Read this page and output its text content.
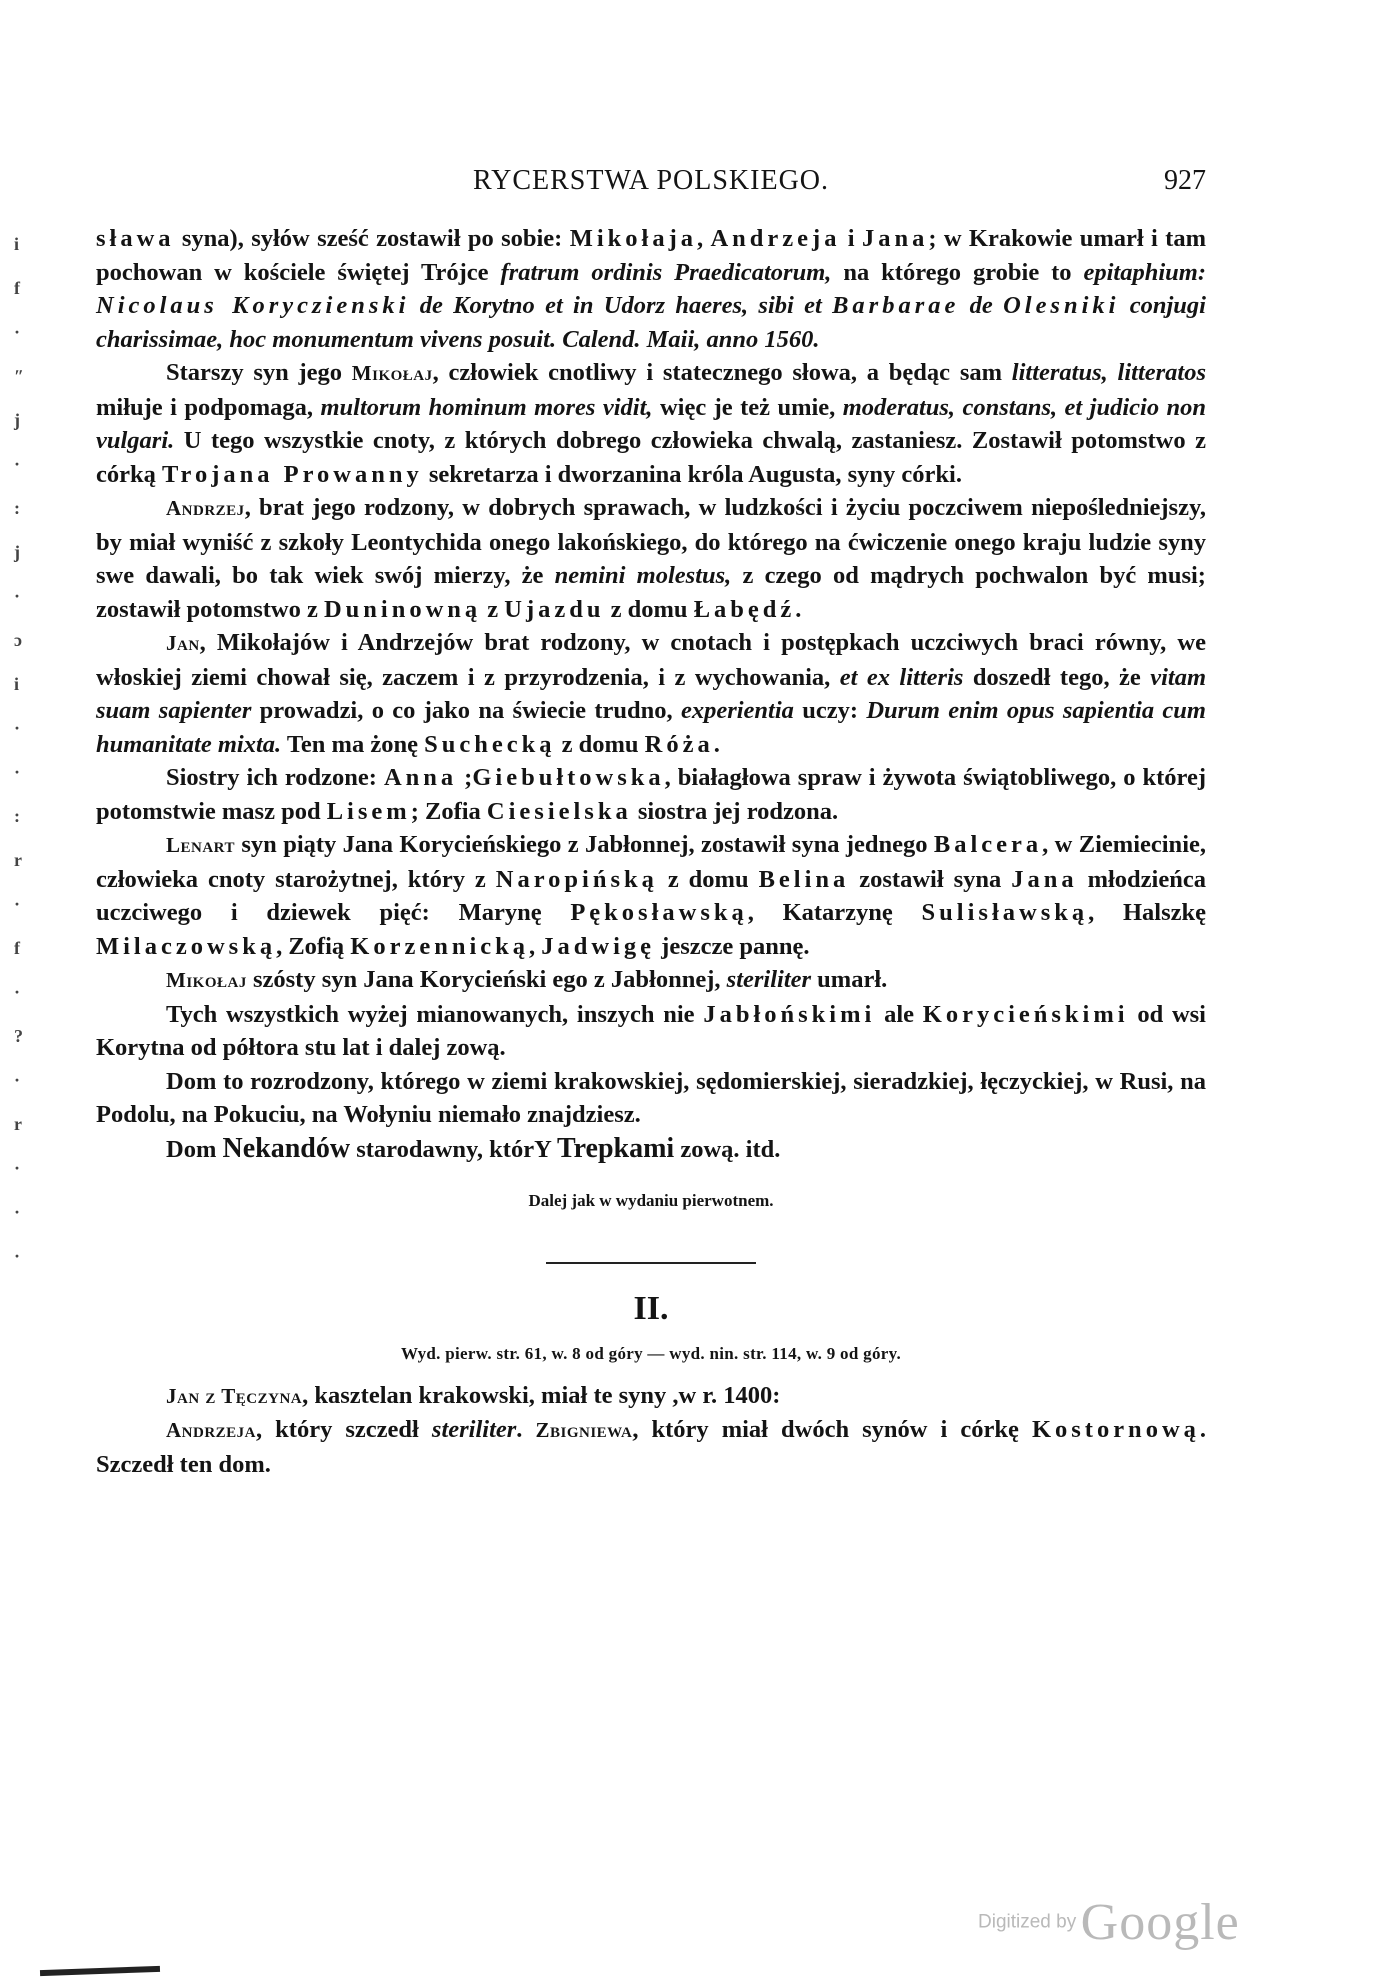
RYCERSTWA POLSKIEGO.	927
i
f
·
ʺ
j
·
:
j
·
ɔ
i
·
·
:
r
·
f
·
?
·
r
·
·
·

sława syna), syłów sześć zostawił po sobie: Mikołaja, Andrzeja i Jana; w Krakowie umarł i tam pochowan w kościele świętej Trójce fratrum ordinis Praedicatorum, na którego grobie to epitaphium: Nicolaus Koryczienski de Korytno et in Udorz haeres, sibi et Barbarae de Olesniki conjugi charissimae, hoc monumentum vivens posuit. Calend. Maii, anno 1560.

Starszy syn jego Mikołaj, człowiek cnotliwy i statecznego słowa, a będąc sam litteratus, litteratos miłuje i podpomaga, multorum hominum mores vidit, więc je też umie, moderatus, constans, et judicio non vulgari. U tego wszystkie cnoty, z których dobrego człowieka chwalą, zastaniesz. Zostawił potomstwo z córką Trojana Prowanny sekretarza i dworzanina króla Augusta, syny córki.

Andrzej, brat jego rodzony, w dobrych sprawach, w ludzkości i życiu poczciwem niepośledniejszy, by miał wyniść z szkoły Leontychida onego lakońskiego, do którego na ćwiczenie onego kraju ludzie syny swe dawali, bo tak wiek swój mierzy, że nemini molestus, z czego od mądrych pochwalon być musi; zostawił potomstwo z Duninowną z Ujazdu z domu Łabędź.

Jan, Mikołajów i Andrzejów brat rodzony, w cnotach i postępkach uczciwych braci równy, we włoskiej ziemi chował się, zaczem i z przyrodzenia, i z wychowania, et ex litteris doszedł tego, że vitam suam sapienter prowadzi, o co jako na świecie trudno, experientia uczy: Durum enim opus sapientia cum humanitate mixta. Ten ma żonę Suchecką z domu Róża.

Siostry ich rodzone: Anna ;Giebułtowska, białagłowa spraw i żywota świątobliwego, o której potomstwie masz pod Lisem; Zofia Ciesielska siostra jej rodzona.

Lenart syn piąty Jana Koryciеńskiego z Jabłonnej, zostawił syna jednego Balcera, w Ziemiecinie, człowieka cnoty starożytnej, który z Naropińską z domu Belina zostawił syna Jana młodzieńca uczciwego i dziewek pięć: Marynę Pękosławską, Katarzynę Sulisławską, Halszkę Milaczowską, Zofią Korzennicką, Jadwigę jeszcze pannę.

Mikołaj szósty syn Jana Koryciеński ego z Jabłonnej, steriliter umarł.

Tych wszystkich wyżej mianowanych, inszych nie Jabłońskimi ale Koryciеńskimi od wsi Korytna od półtora stu lat i dalej zową.

Dom to rozrodzony, którego w ziemi krakowskiej, sędomierskiej, sieradzkiej, łęczyckiej, w Rusi, na Podolu, na Pokuciu, na Wołyniu niemało znajdziesz.

Dom Nekandów starodawny, którY Trepkami zową. itd.

Dalej jak w wydaniu pierwotnem.

II.

Wyd. pierw. str. 61, w. 8 od góry — wyd. nin. str. 114, w. 9 od góry.

Jan z Tęczyna, kasztelan krakowski, miał te syny ,w r. 1400:

Andrzeja, który szczedł steriliter. Zbigniewa, który miał dwóch synów i córkę Kostornową. Szczedł ten dom.

Digitized by Google
